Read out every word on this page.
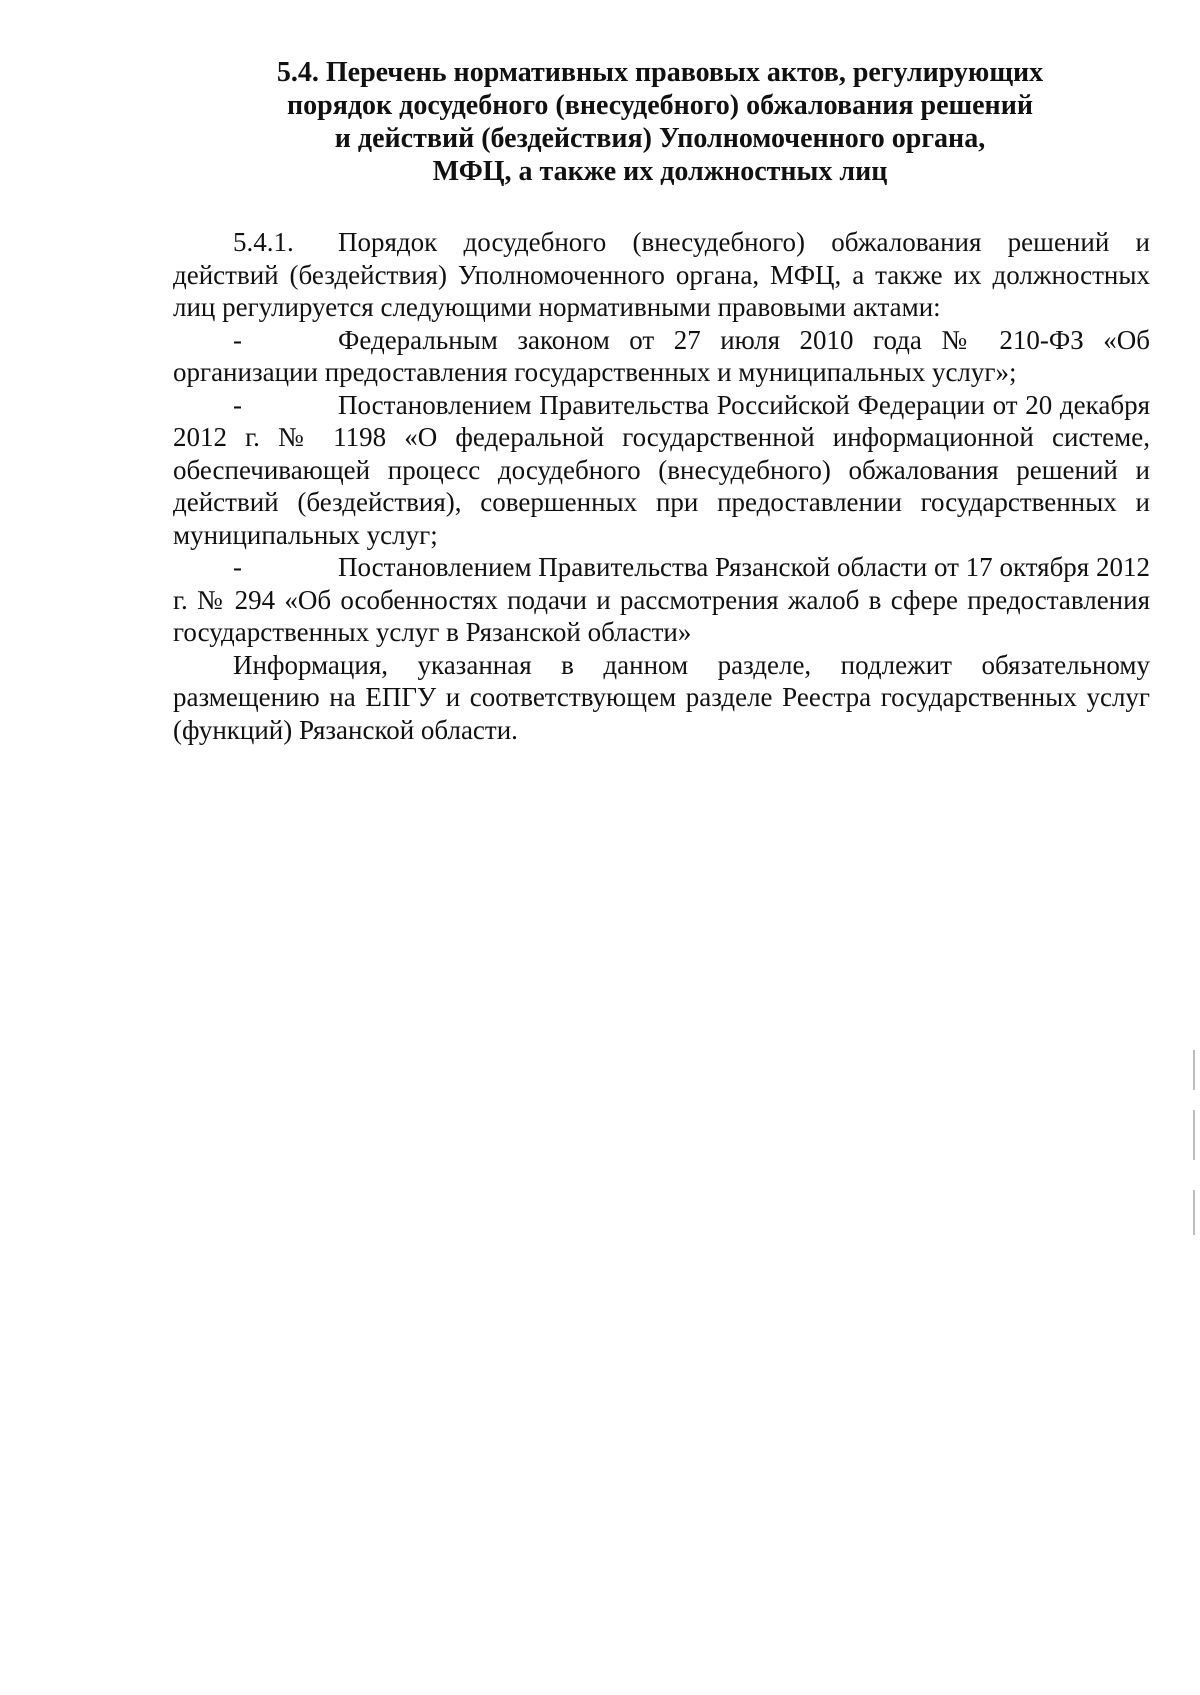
5.4. Перечень нормативных правовых актов, регулирующих
порядок досудебного (внесудебного) обжалования решений
и действий (бездействия) Уполномоченного органа,
МФЦ, а также их должностных лиц

5.4.1. Порядок досудебного (внесудебного) обжалования решений и действий (бездействия) Уполномоченного органа, МФЦ, а также их должностных лиц регулируется следующими нормативными правовыми актами:

-	Федеральным законом от 27 июля 2010 года № 210-ФЗ «Об организации предоставления государственных и муниципальных услуг»;

-	Постановлением Правительства Российской Федерации от 20 декабря 2012 г. № 1198 «О федеральной государственной информационной системе, обеспечивающей процесс досудебного (внесудебного) обжалования решений и действий (бездействия), совершенных при предоставлении государственных и муниципальных услуг;

-	Постановлением Правительства Рязанской области от 17 октября 2012 г. № 294 «Об особенностях подачи и рассмотрения жалоб в сфере предоставления государственных услуг в Рязанской области»

Информация, указанная в данном разделе, подлежит обязательному размещению на ЕПГУ и соответствующем разделе Реестра государственных услуг (функций) Рязанской области.
